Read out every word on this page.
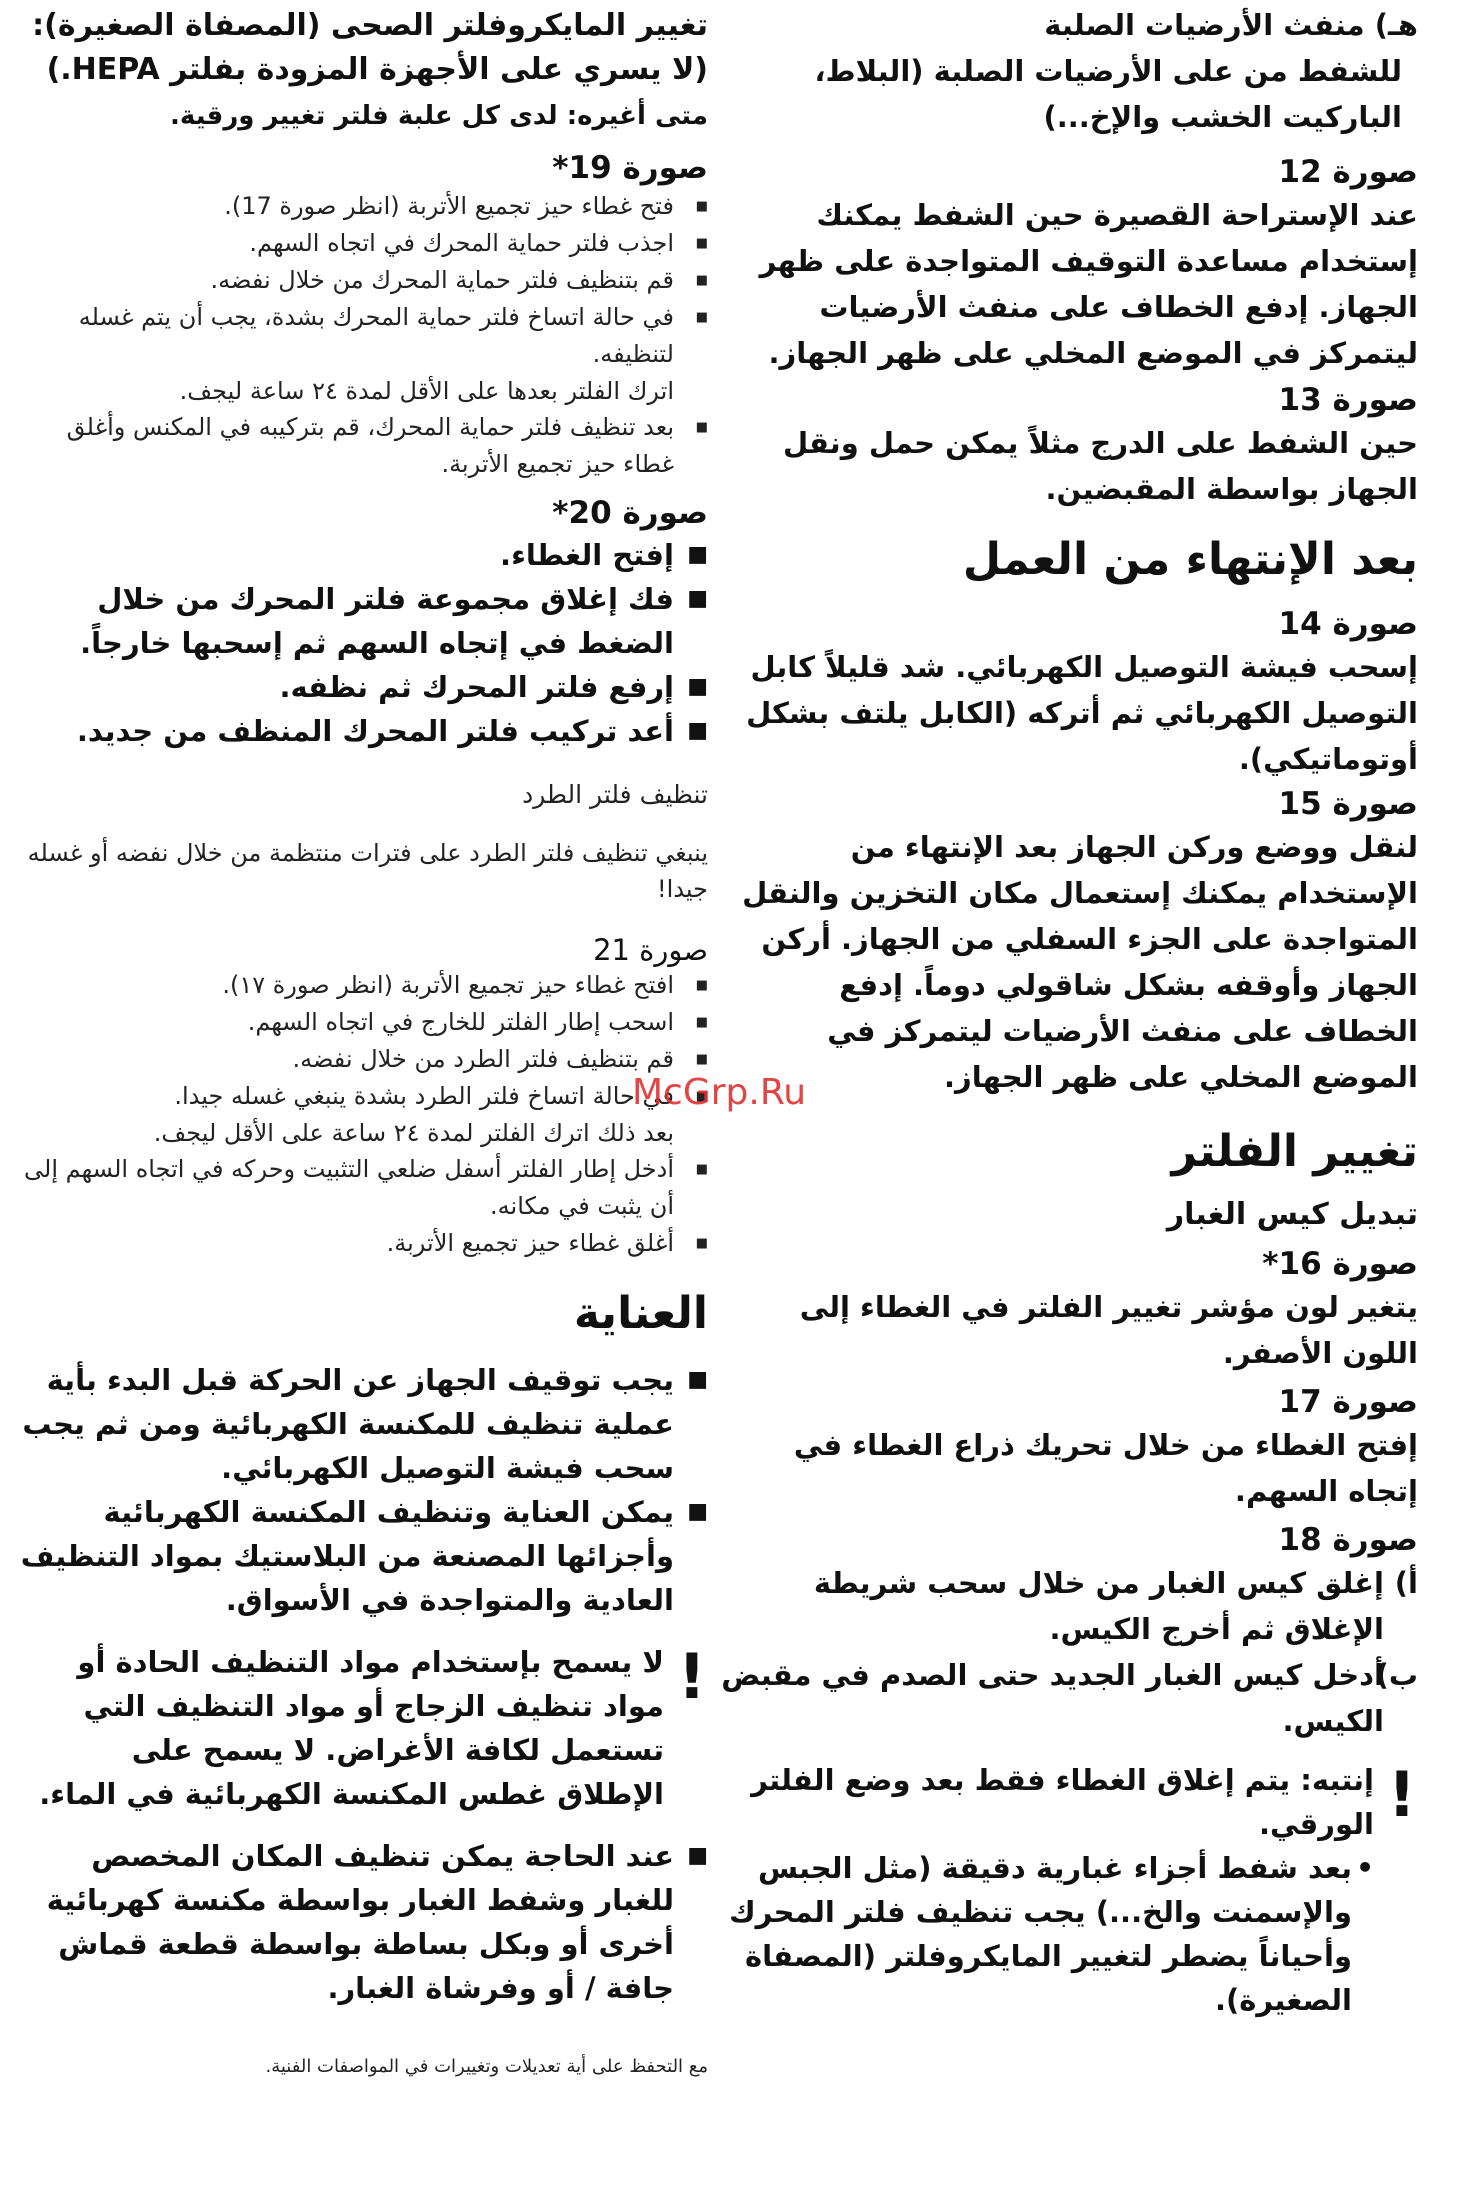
هـ) منفث الأرضيات الصلبة

للشفط من على الأرضيات الصلبة (البلاط، الباركيت الخشب والإخ...)

صورة 12

عند الإستراحة القصيرة حين الشفط يمكنك إستخدام مساعدة التوقيف المتواجدة على ظهر الجهاز. إدفع الخطاف على منفث الأرضيات ليتمركز في الموضع المخلي على ظهر الجهاز.

صورة 13

حين الشفط على الدرج مثلاً يمكن حمل ونقل الجهاز بواسطة المقبضين.

بعد الإنتهاء من العمل

صورة 14

إسحب فيشة التوصيل الكهربائي. شد قليلاً كابل التوصيل الكهربائي ثم أتركه (الكابل يلتف بشكل أوتوماتيكي).

صورة 15

لنقل ووضع وركن الجهاز بعد الإنتهاء من الإستخدام يمكنك إستعمال مكان التخزين والنقل المتواجدة على الجزء السفلي من الجهاز. أركن الجهاز وأوقفه بشكل شاقولي دوماً. إدفع الخطاف على منفث الأرضيات ليتمركز في الموضع المخلي على ظهر الجهاز.

تغيير الفلتر

تبديل كيس الغبار

صورة 16*

يتغير لون مؤشر تغيير الفلتر في الغطاء إلى اللون الأصفر.

صورة 17

إفتح الغطاء من خلال تحريك ذراع الغطاء في إتجاه السهم.

صورة 18

أ)
إغلق كيس الغبار من خلال سحب شريطة الإغلاق ثم أخرج الكيس.
ب)
أدخل كيس الغبار الجديد حتى الصدم في مقبض الكيس.
!
إنتبه: يتم إغلاق الغطاء فقط بعد وضع الفلتر الورقي.
•
بعد شفط أجزاء غبارية دقيقة (مثل الجبس والإسمنت والخ...) يجب تنظيف فلتر المحرك وأحياناً يضطر لتغيير المايكروفلتر (المصفاة الصغيرة).

تغيير المايكروفلتر الصحى (المصفاة الصغيرة):

(لا يسري على الأجهزة المزودة بفلتر HEPA.)

متى أغيره: لدى كل علبة فلتر تغيير ورقية.

صورة 19*

■ فتح غطاء حيز تجميع الأتربة (انظر صورة 17).
■ اجذب فلتر حماية المحرك في اتجاه السهم.
■ قم بتنظيف فلتر حماية المحرك من خلال نفضه.
■ في حالة اتساخ فلتر حماية المحرك بشدة، يجب أن يتم غسله لتنظيفه.

اترك الفلتر بعدها على الأقل لمدة ٢٤ ساعة ليجف.

■ بعد تنظيف فلتر حماية المحرك، قم بتركيبه في المكنس وأغلق غطاء حيز تجميع الأتربة.

صورة 20*

■ إفتح الغطاء.
■ فك إغلاق مجموعة فلتر المحرك من خلال الضغط في إتجاه السهم ثم إسحبها خارجاً.
■ إرفع فلتر المحرك ثم نظفه.
■ أعد تركيب فلتر المحرك المنظف من جديد.

تنظيف فلتر الطرد

ينبغي تنظيف فلتر الطرد على فترات منتظمة من خلال نفضه أو غسله جيدا!

صورة 21

■ افتح غطاء حيز تجميع الأتربة (انظر صورة ١٧).
■ اسحب إطار الفلتر للخارج في اتجاه السهم.
■ قم بتنظيف فلتر الطرد من خلال نفضه.
■ في حالة اتساخ فلتر الطرد بشدة ينبغي غسله جيدا.

بعد ذلك اترك الفلتر لمدة ٢٤ ساعة على الأقل ليجف.

■ أدخل إطار الفلتر أسفل ضلعي التثبيت وحركه في اتجاه السهم إلى أن يثبت في مكانه.
■ أغلق غطاء حيز تجميع الأتربة.

العناية

■ يجب توقيف الجهاز عن الحركة قبل البدء بأية عملية تنظيف للمكنسة الكهربائية ومن ثم يجب سحب فيشة التوصيل الكهربائي.
■ يمكن العناية وتنظيف المكنسة الكهربائية وأجزائها المصنعة من البلاستيك بمواد التنظيف العادية والمتواجدة في الأسواق.
!
لا يسمح بإستخدام مواد التنظيف الحادة أو مواد تنظيف الزجاج أو مواد التنظيف التي تستعمل لكافة الأغراض. لا يسمح على الإطلاق غطس المكنسة الكهربائية في الماء.
■ عند الحاجة يمكن تنظيف المكان المخصص للغبار وشفط الغبار بواسطة مكنسة كهربائية أخرى أو وبكل بساطة بواسطة قطعة قماش جافة / أو وفرشاة الغبار.

مع التحفظ على أية تعديلات وتغييرات في المواصفات الفنية.

McGrp.Ru
